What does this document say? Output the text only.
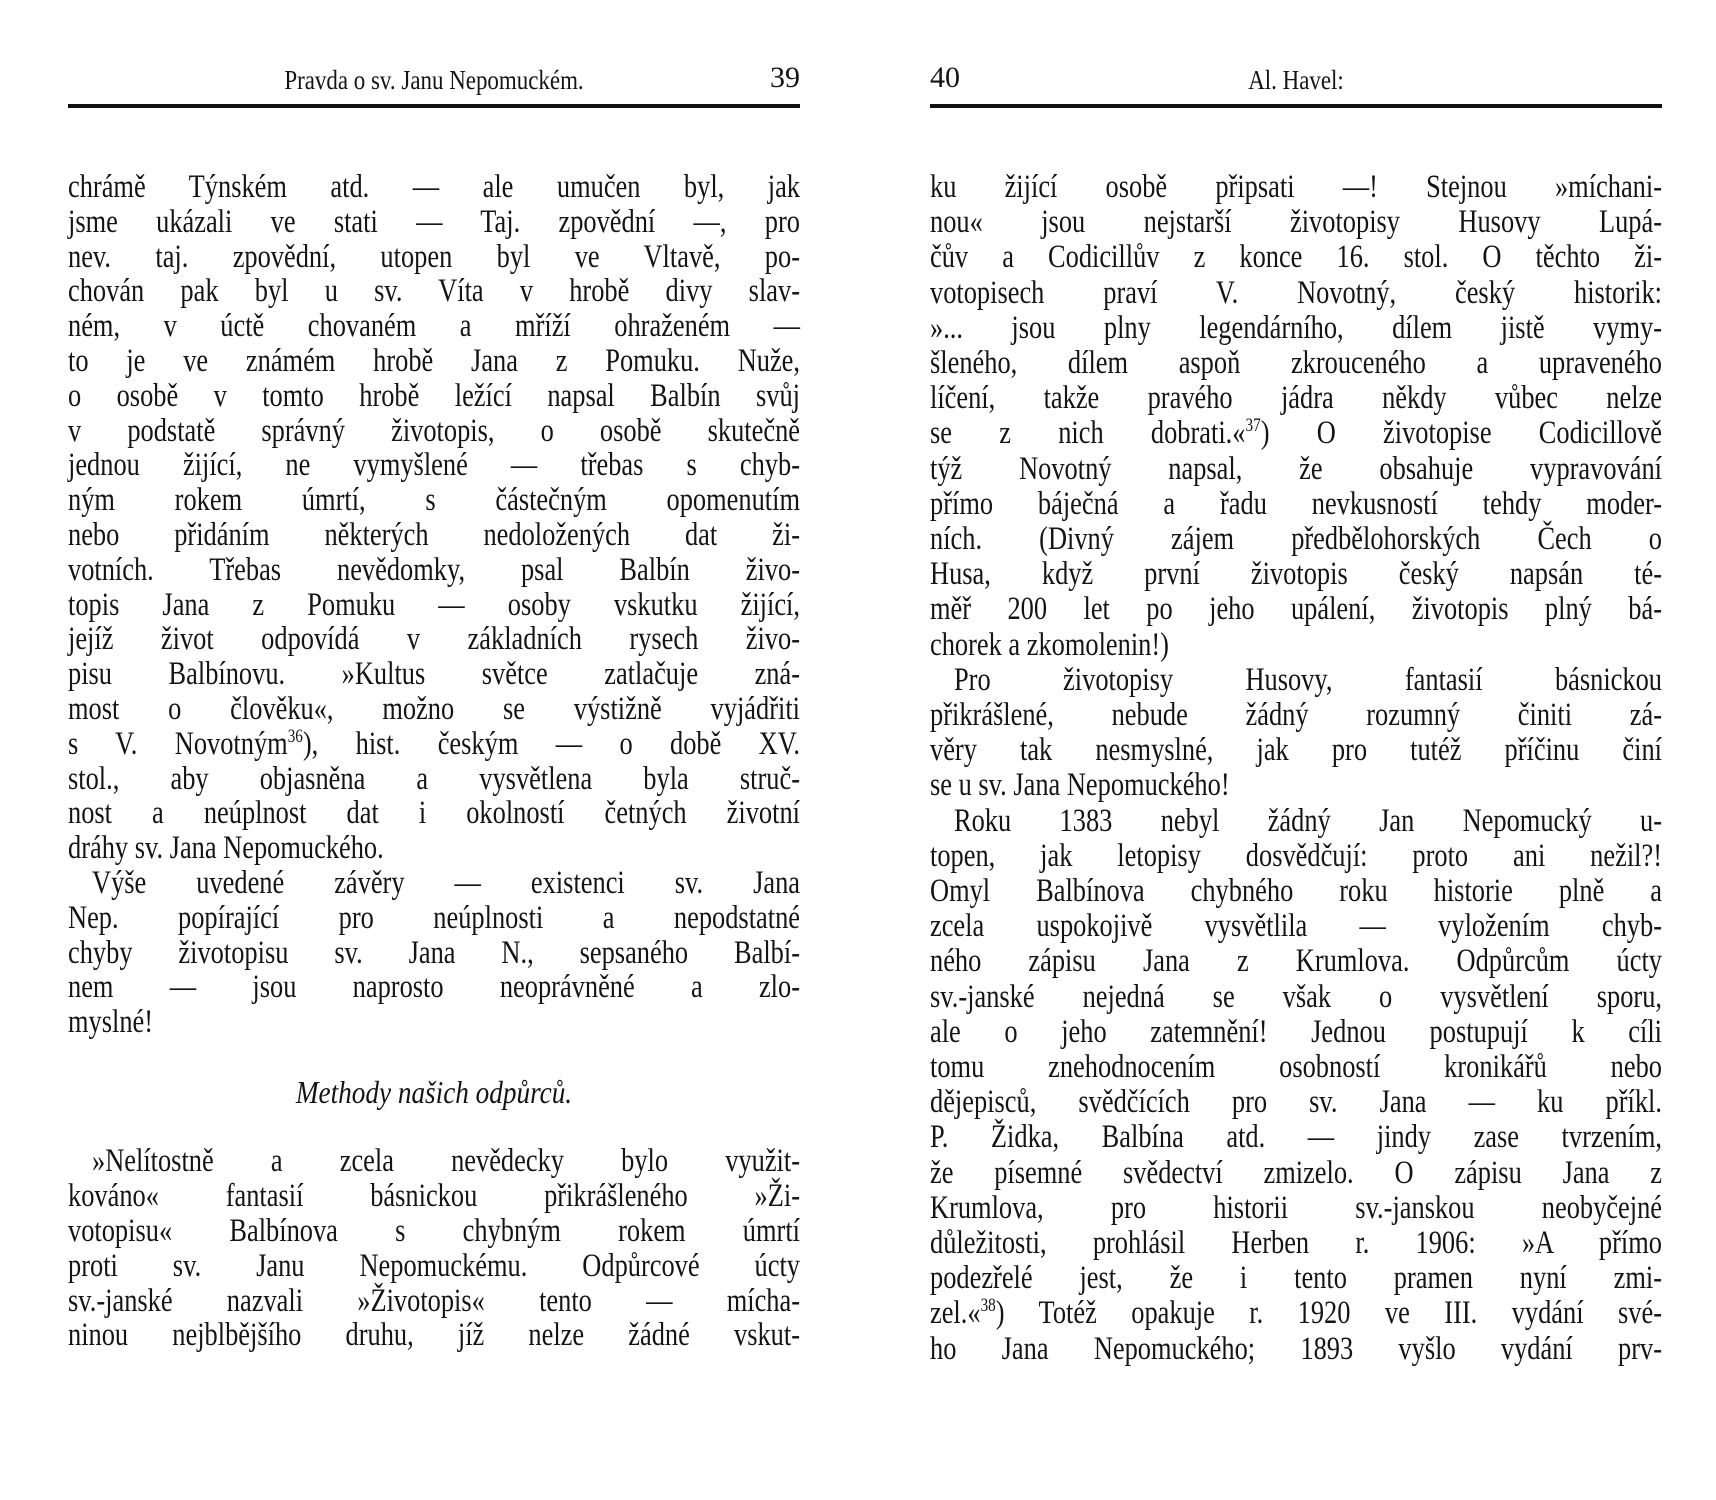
Pravda o sv. Janu Nepomuckém.	39
chrámě Týnském atd. — ale umučen byl, jak
jsme ukázali ve stati — Taj. zpovědní —, pro
nev. taj. zpovědní, utopen byl ve Vltavě, po-
chován pak byl u sv. Víta v hrobě divy slav-
ném, v úctě chovaném a mříží ohraženém —
to je ve známém hrobě Jana z Pomuku. Nuže,
o osobě v tomto hrobě ležící napsal Balbín svůj
v podstatě správný životopis, o osobě skutečně
jednou žijící, ne vymyšlené — třebas s chyb-
ným rokem úmrtí, s částečným opomenutím
nebo přidáním některých nedoložených dat ži-
votních. Třebas nevědomky, psal Balbín živo-
topis Jana z Pomuku — osoby vskutku žijící,
jejíž život odpovídá v základních rysech živo-
pisu Balbínovu. »Kultus světce zatlačuje zná-
most o člověku«, možno se výstižně vyjádřiti
s V. Novotným$^{36}$), hist. českým — o době XV.
stol., aby objasněna a vysvětlena byla struč-
nost a neúplnost dat i okolností četných životní
dráhy sv. Jana Nepomuckého.
Výše uvedené závěry — existenci sv. Jana
Nep. popírající pro neúplnosti a nepodstatné
chyby životopisu sv. Jana N., sepsaného Balbí-
nem — jsou naprosto neoprávněné a zlo-
myslné!
Methody našich odpůrců.
»Nelítostně a zcela nevědecky bylo využit-
kováno« fantasií básnickou přikrášleného »Ži-
votopisu« Balbínova s chybným rokem úmrtí
proti sv. Janu Nepomuckému. Odpůrcové úcty
sv.-janské nazvali »Životopis« tento — mícha-
ninou nejblbějšího druhu, jíž nelze žádné vskut-
40	Al. Havel:
ku žijící osobě připsati —! Stejnou »míchani-
nou« jsou nejstarší životopisy Husovy Lupá-
čův a Codicillův z konce 16. stol. O těchto ži-
votopisech praví V. Novotný, český historik:
»... jsou plny legendárního, dílem jistě vymy-
šleného, dílem aspoň zkrouceného a upraveného
líčení, takže pravého jádra někdy vůbec nelze
se z nich dobrati.«$^{37}$) O životopise Codicillově
týž Novotný napsal, že obsahuje vypravování
přímo báječná a řadu nevkusností tehdy moder-
ních. (Divný zájem předbělohorských Čech o
Husa, když první životopis český napsán té-
měř 200 let po jeho upálení, životopis plný bá-
chorek a zkomolenin!)
Pro životopisy Husovy, fantasií básnickou
přikrášlené, nebude žádný rozumný činiti zá-
věry tak nesmyslné, jak pro tutéž příčinu činí
se u sv. Jana Nepomuckého!
Roku 1383 nebyl žádný Jan Nepomucký u-
topen, jak letopisy dosvědčují: proto ani nežil?!
Omyl Balbínova chybného roku historie plně a
zcela uspokojivě vysvětlila — vyložením chyb-
ného zápisu Jana z Krumlova. Odpůrcům úcty
sv.-janské nejedná se však o vysvětlení sporu,
ale o jeho zatemnění! Jednou postupují k cíli
tomu znehodnocením osobností kronikářů nebo
dějepisců, svědčících pro sv. Jana — ku příkl.
P. Židka, Balbína atd. — jindy zase tvrzením,
že písemné svědectví zmizelo. O zápisu Jana z
Krumlova, pro historii sv.-janskou neobyčejné
důležitosti, prohlásil Herben r. 1906: »A přímo
podezřelé jest, že i tento pramen nyní zmi-
zel.«$^{38}$) Totéž opakuje r. 1920 ve III. vydání své-
ho Jana Nepomuckého; 1893 vyšlo vydání prv-
